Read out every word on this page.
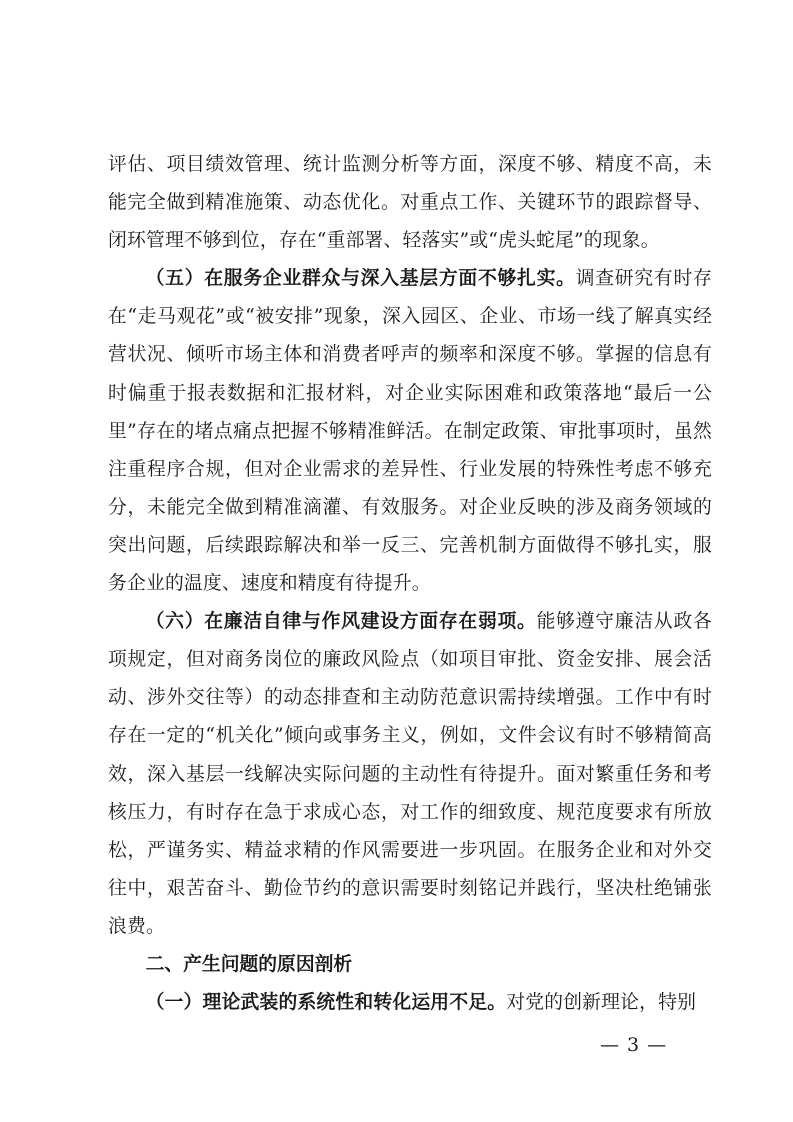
评估、项目绩效管理、统计监测分析等方面，深度不够、精度不高，未能完全做到精准施策、动态优化。对重点工作、关键环节的跟踪督导、闭环管理不够到位，存在“重部署、轻落实”或“虎头蛇尾”的现象。

（五）在服务企业群众与深入基层方面不够扎实。调查研究有时存在“走马观花”或“被安排”现象，深入园区、企业、市场一线了解真实经营状况、倾听市场主体和消费者呼声的频率和深度不够。掌握的信息有时偏重于报表数据和汇报材料，对企业实际困难和政策落地“最后一公里”存在的堵点痛点把握不够精准鲜活。在制定政策、审批事项时，虽然注重程序合规，但对企业需求的差异性、行业发展的特殊性考虑不够充分，未能完全做到精准滴灌、有效服务。对企业反映的涉及商务领域的突出问题，后续跟踪解决和举一反三、完善机制方面做得不够扎实，服务企业的温度、速度和精度有待提升。

（六）在廉洁自律与作风建设方面存在弱项。能够遵守廉洁从政各项规定，但对商务岗位的廉政风险点（如项目审批、资金安排、展会活动、涉外交往等）的动态排查和主动防范意识需持续增强。工作中有时存在一定的“机关化”倾向或事务主义，例如，文件会议有时不够精简高效，深入基层一线解决实际问题的主动性有待提升。面对繁重任务和考核压力，有时存在急于求成心态，对工作的细致度、规范度要求有所放松，严谨务实、精益求精的作风需要进一步巩固。在服务企业和对外交往中，艰苦奋斗、勤俭节约的意识需要时刻铭记并践行，坚决杜绝铺张浪费。

二、产生问题的原因剖析

（一）理论武装的系统性和转化运用不足。对党的创新理论，特别

— 3 —
